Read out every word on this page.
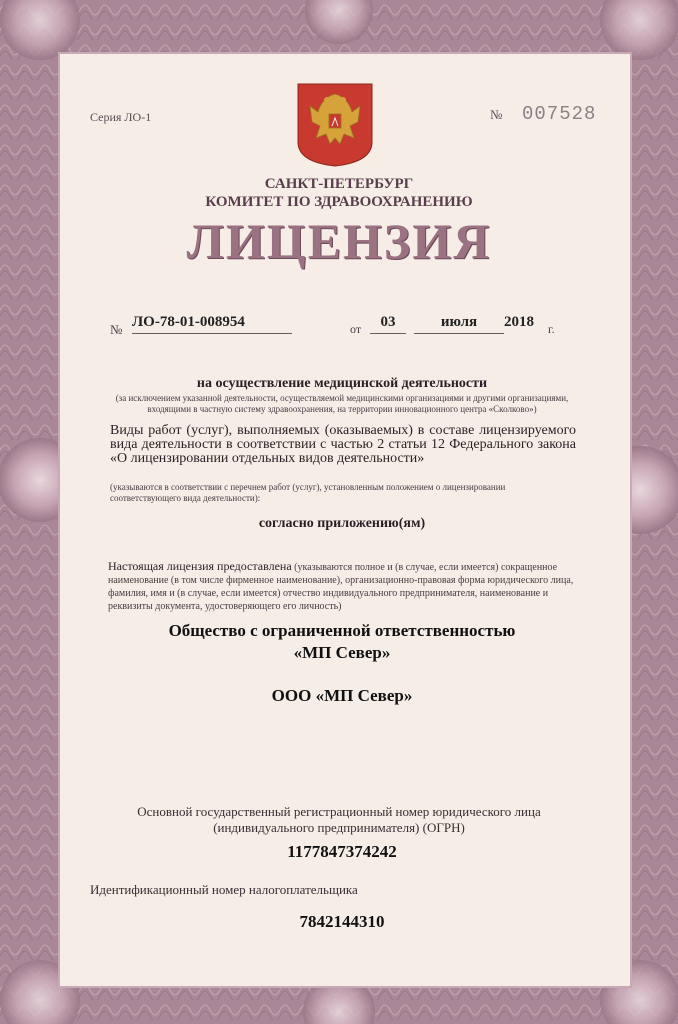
Серия ЛО-1	№ 007528
САНКТ-ПЕТЕРБУРГ
КОМИТЕТ ПО ЗДРАВООХРАНЕНИЮ
ЛИЦЕНЗИЯ
№ ЛО-78-01-008954	от	03	июля	2018	г.
на осуществление медицинской деятельности
(за исключением указанной деятельности, осуществляемой медицинскими организациями и другими организациями, входящими в частную систему здравоохранения, на территории инновационного центра «Сколково»)
Виды работ (услуг), выполняемых (оказываемых) в составе лицензируемого вида деятельности в соответствии с частью 2 статьи 12 Федерального закона «О лицензировании отдельных видов деятельности»
(указываются в соответствии с перечнем работ (услуг), установленным положением о лицензировании соответствующего вида деятельности):
согласно приложению(ям)
Настоящая лицензия предоставлена (указываются полное и (в случае, если имеется) сокращенное наименование (в том числе фирменное наименование), организационно-правовая форма юридического лица, фамилия, имя и (в случае, если имеется) отчество индивидуального предпринимателя, наименование и реквизиты документа, удостоверяющего его личность)
Общество с ограниченной ответственностью
«МП Север»
ООО «МП Север»
Основной государственный регистрационный номер юридического лица (индивидуального предпринимателя) (ОГРН)
1177847374242
Идентификационный номер налогоплательщика
7842144310
